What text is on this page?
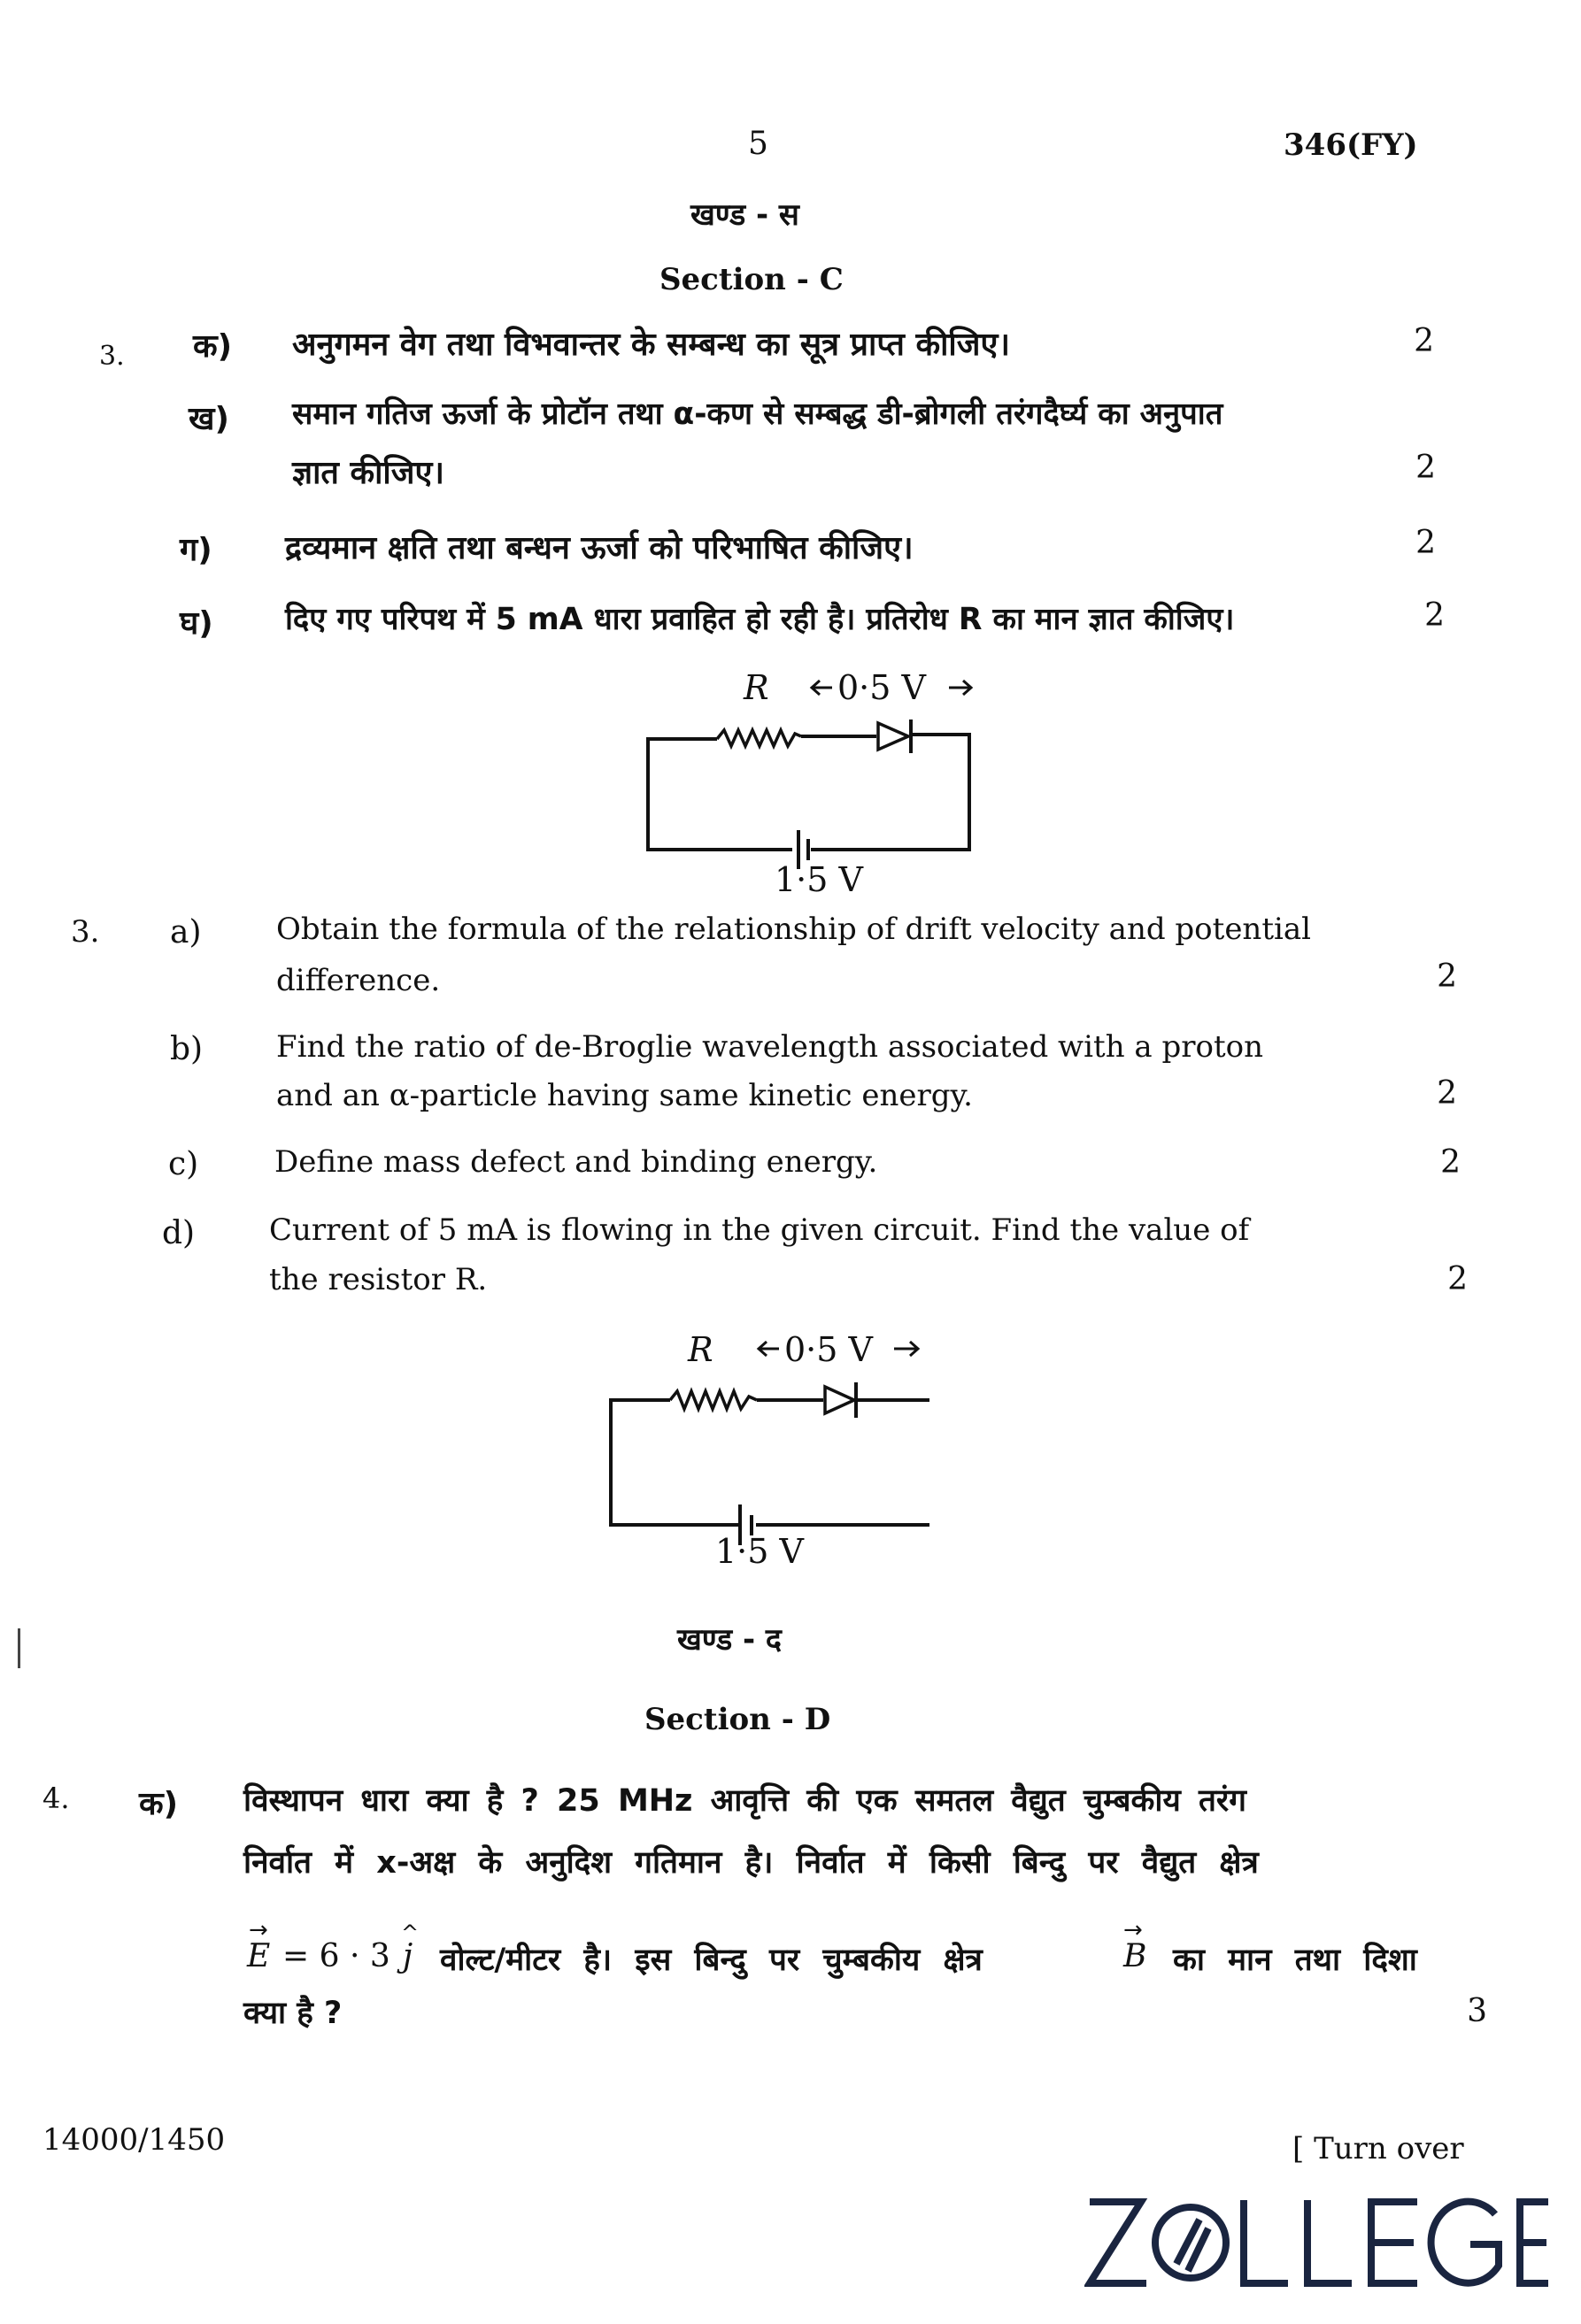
5	346(FY)
खण्ड - स
Section - C
3. क) अनुगमन वेग तथा विभवान्तर के सम्बन्ध का सूत्र प्राप्त कीजिए।	2
ख) समान गतिज ऊर्जा के प्रोटॉन तथा α-कण से सम्बद्ध डी-ब्रोगली तरंगदैर्घ्य का अनुपात
ज्ञात कीजिए।	2
ग) द्रव्यमान क्षति तथा बन्धन ऊर्जा को परिभाषित कीजिए।	2
घ) दिए गए परिपथ में 5 mA धारा प्रवाहित हो रही है। प्रतिरोध R का मान ज्ञात कीजिए।	2
R 0·5 V
1·5 V
3. a) Obtain the formula of the relationship of drift velocity and potential
difference.	2
b) Find the ratio of de-Broglie wavelength associated with a proton
and an α-particle having same kinetic energy.	2
c)	Define mass defect and binding energy.	2
d) Current of 5 mA is flowing in the given circuit. Find the value of
the resistor R.	2
R 0·5 V
1·5 V
खण्ड - द
Section - D
4. क) विस्थापन धारा क्या है ? 25 MHz आवृत्ति की एक समतल वैद्युत चुम्बकीय तरंग
निर्वात में x-अक्ष के अनुदिश गतिमान है। निर्वात में किसी बिन्दु पर वैद्युत क्षेत्र
→
E = 6 · 3
^
j वोल्ट/मीटर है। इस बिन्दु पर चुम्बकीय क्षेत्र
→
B का मान तथा दिशा
क्या है ?	3
14000/1450	[ Turn over
